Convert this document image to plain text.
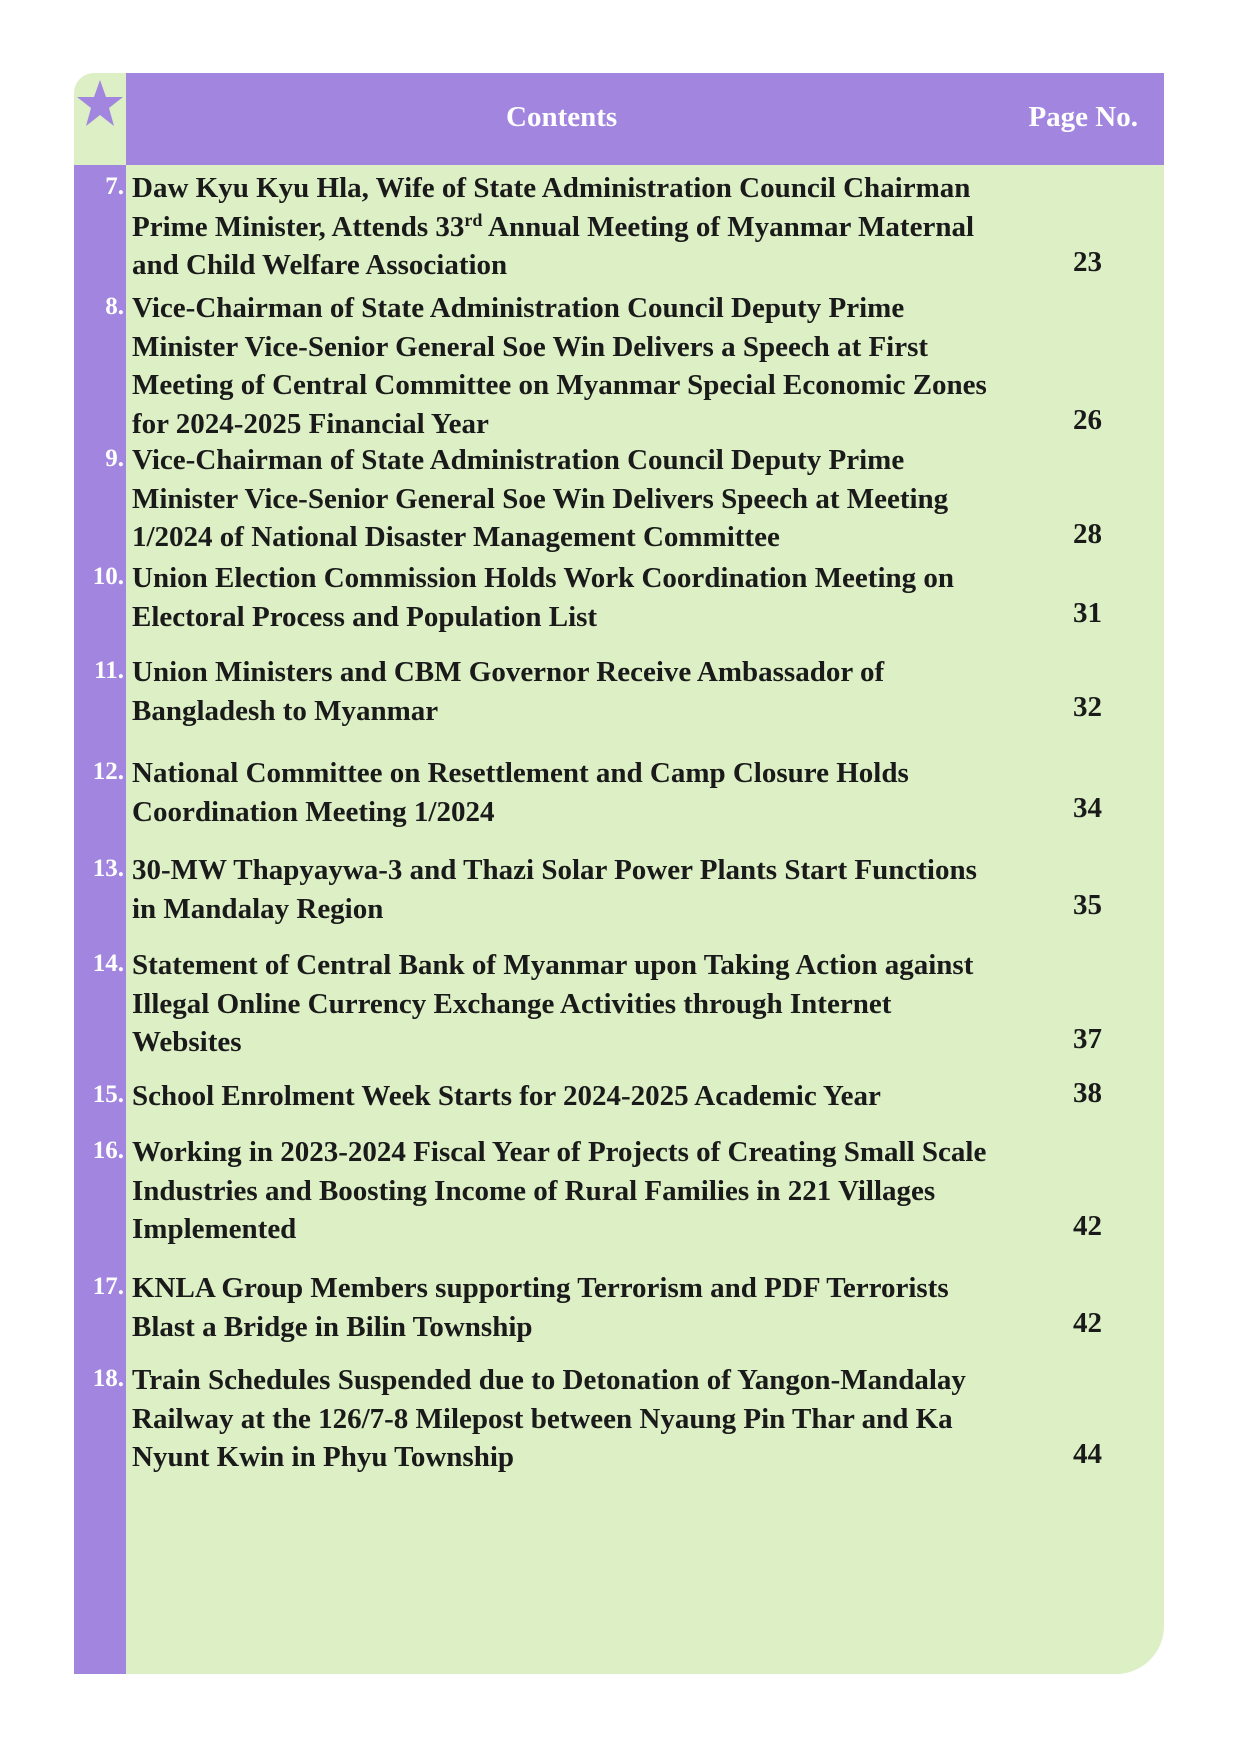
Contents	Page No.
7. Daw Kyu Kyu Hla, Wife of State Administration Council Chairman Prime Minister, Attends 33rd Annual Meeting of Myanmar Maternal and Child Welfare Association	23
8. Vice-Chairman of State Administration Council Deputy Prime Minister Vice-Senior General Soe Win Delivers a Speech at First Meeting of Central Committee on Myanmar Special Economic Zones for 2024-2025 Financial Year	26
9. Vice-Chairman of State Administration Council Deputy Prime Minister Vice-Senior General Soe Win Delivers Speech at Meeting 1/2024 of National Disaster Management Committee	28
10. Union Election Commission Holds Work Coordination Meeting on Electoral Process and Population List	31
11. Union Ministers and CBM Governor Receive Ambassador of Bangladesh to Myanmar	32
12. National Committee on Resettlement and Camp Closure Holds Coordination Meeting 1/2024	34
13. 30-MW Thapyaywa-3 and Thazi Solar Power Plants Start Functions in Mandalay Region	35
14. Statement of Central Bank of Myanmar upon Taking Action against Illegal Online Currency Exchange Activities through Internet Websites	37
15. School Enrolment Week Starts for 2024-2025 Academic Year	38
16. Working in 2023-2024 Fiscal Year of Projects of Creating Small Scale Industries and Boosting Income of Rural Families in 221 Villages Implemented	42
17. KNLA Group Members supporting Terrorism and PDF Terrorists Blast a Bridge in Bilin Township	42
18. Train Schedules Suspended due to Detonation of Yangon-Mandalay Railway at the 126/7-8 Milepost between Nyaung Pin Thar and Ka Nyunt Kwin in Phyu Township	44
